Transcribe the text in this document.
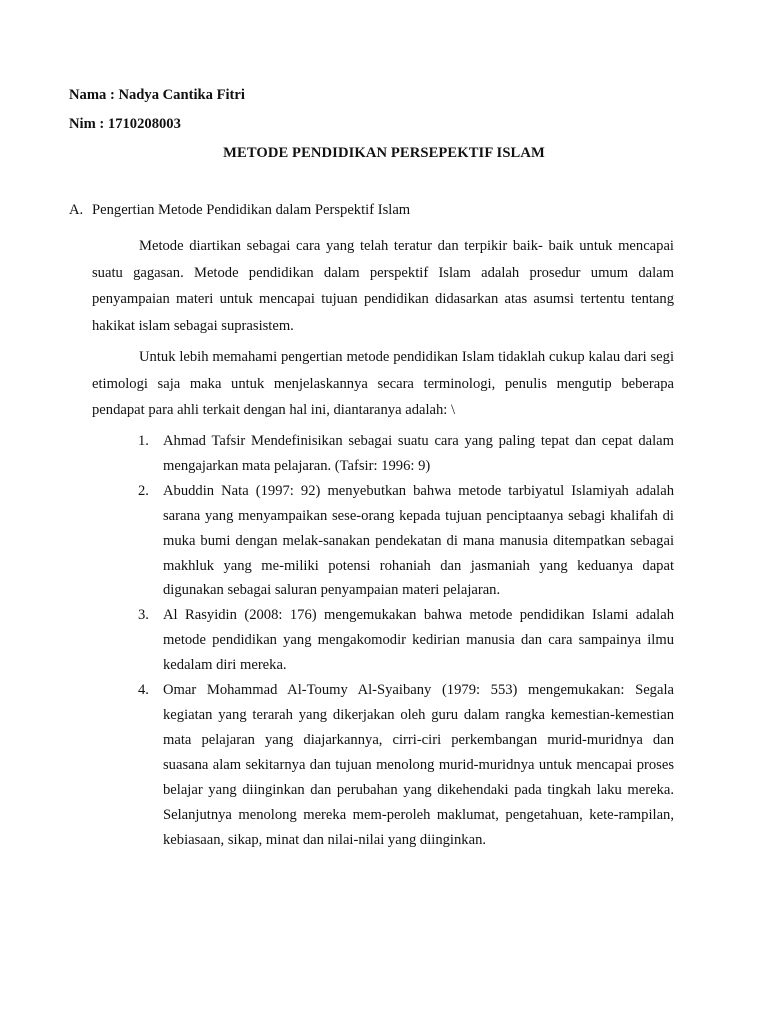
Nama : Nadya Cantika Fitri
Nim : 1710208003
METODE PENDIDIKAN PERSEPEKTIF ISLAM
A. Pengertian Metode Pendidikan dalam Perspektif Islam

Metode diartikan sebagai cara yang telah teratur dan terpikir baik- baik untuk mencapai suatu gagasan. Metode pendidikan dalam perspektif Islam adalah prosedur umum dalam penyampaian materi untuk mencapai tujuan pendidikan didasarkan atas asumsi tertentu tentang hakikat islam sebagai suprasistem.

Untuk lebih memahami pengertian metode pendidikan Islam tidaklah cukup kalau dari segi etimologi saja maka untuk menjelaskannya secara terminologi, penulis mengutip beberapa pendapat para ahli terkait dengan hal ini, diantaranya adalah: \

1. Ahmad Tafsir Mendefinisikan sebagai suatu cara yang paling tepat dan cepat dalam mengajarkan mata pelajaran. (Tafsir: 1996: 9)
2. Abuddin Nata (1997: 92) menyebutkan bahwa metode tarbiyatul Islamiyah adalah sarana yang menyampaikan sese-orang kepada tujuan penciptaanya sebagi khalifah di muka bumi dengan melak-sanakan pendekatan di mana manusia ditempatkan sebagai makhluk yang me-miliki potensi rohaniah dan jasmaniah yang keduanya dapat digunakan sebagai saluran penyampaian materi pelajaran.
3. Al Rasyidin (2008: 176) mengemukakan bahwa metode pendidikan Islami adalah metode pendidikan yang mengakomodir kedirian manusia dan cara sampainya ilmu kedalam diri mereka.
4. Omar Mohammad Al-Toumy Al-Syaibany (1979: 553) mengemukakan: Segala kegiatan yang terarah yang dikerjakan oleh guru dalam rangka kemestian-kemestian mata pelajaran yang diajarkannya, cirri-ciri perkembangan murid-muridnya dan suasana alam sekitarnya dan tujuan menolong murid-muridnya untuk mencapai proses belajar yang diinginkan dan perubahan yang dikehendaki pada tingkah laku mereka. Selanjutnya menolong mereka mem-peroleh maklumat, pengetahuan, kete-rampilan, kebiasaan, sikap, minat dan nilai-nilai yang diinginkan.
